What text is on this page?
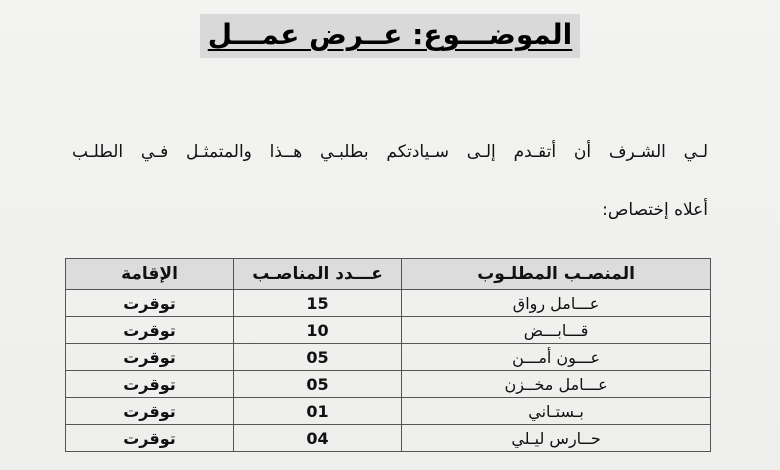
الموضـــوع: عــرض عمـــل
لـي الشـرف أن أتقـدم إلـى سـيادتكم بطلبـي هــذا والمتمثـل فـي الطلـب
أعلاه إختصاص:
المنصـب المطلـوب	عـــدد المناصـب	الإقامة
عـــامل رواق	15	توقرت
قـــابـــض	10	توقرت
عـــون أمـــن	05	توقرت
عـــامل مخــزن	05	توقرت
بـستـاني	01	توقرت
حــارس ليـلي	04	توقرت
